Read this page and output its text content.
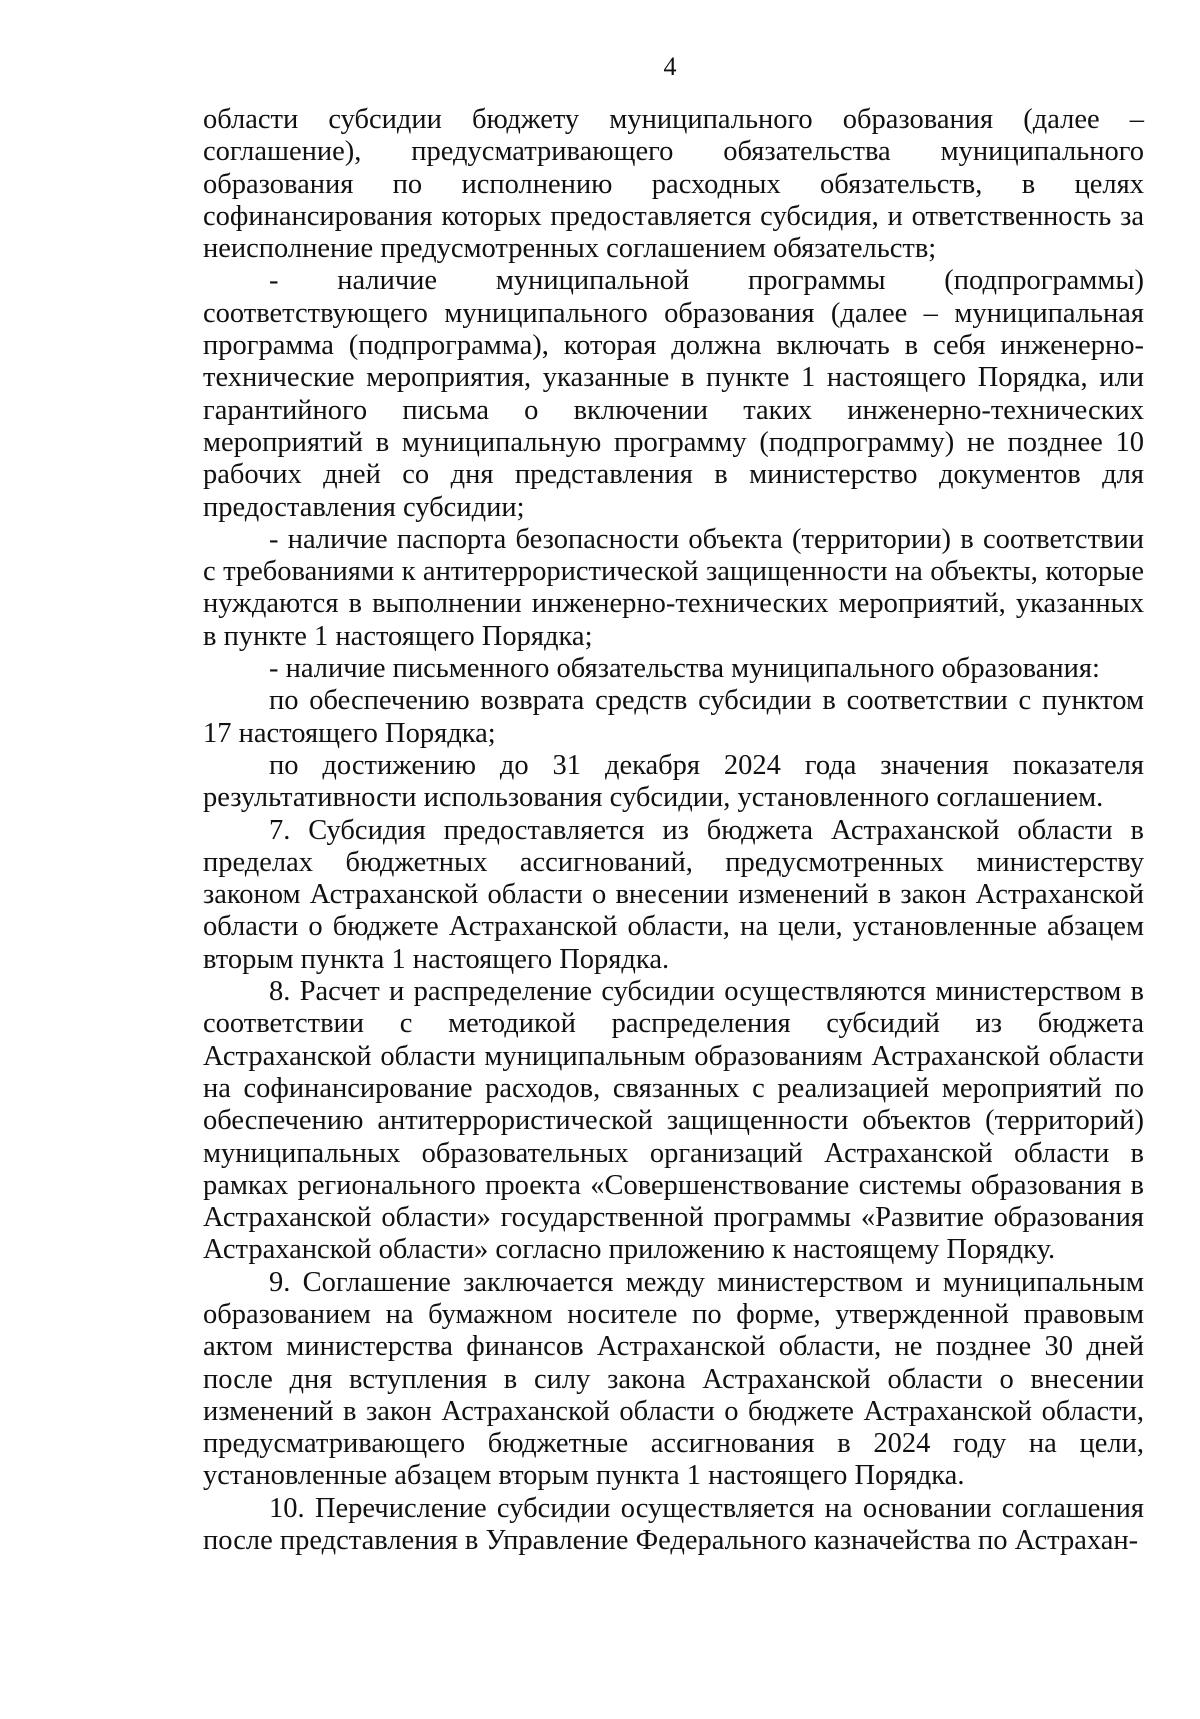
4

области субсидии бюджету муниципального образования (далее – соглашение), предусматривающего обязательства муниципального образования по исполнению расходных обязательств, в целях софинансирования которых предоставляется субсидия, и ответственность за неисполнение предусмотренных соглашением обязательств;

- наличие муниципальной программы (подпрограммы) соответствующего муниципального образования (далее – муниципальная программа (подпрограмма), которая должна включать в себя инженерно-технические мероприятия, указанные в пункте 1 настоящего Порядка, или гарантийного письма о включении таких инженерно-технических мероприятий в муниципальную программу (подпрограмму) не позднее 10 рабочих дней со дня представления в министерство документов для предоставления субсидии;

- наличие паспорта безопасности объекта (территории) в соответствии с требованиями к антитеррористической защищенности на объекты, которые нуждаются в выполнении инженерно-технических мероприятий, указанных в пункте 1 настоящего Порядка;

- наличие письменного обязательства муниципального образования:

по обеспечению возврата средств субсидии в соответствии с пунктом 17 настоящего Порядка;

по достижению до 31 декабря 2024 года значения показателя результативности использования субсидии, установленного соглашением.

7. Субсидия предоставляется из бюджета Астраханской области в пределах бюджетных ассигнований, предусмотренных министерству законом Астраханской области о внесении изменений в закон Астраханской области о бюджете Астраханской области, на цели, установленные абзацем вторым пункта 1 настоящего Порядка.

8. Расчет и распределение субсидии осуществляются министерством в соответствии с методикой распределения субсидий из бюджета Астраханской области муниципальным образованиям Астраханской области на софинансирование расходов, связанных с реализацией мероприятий по обеспечению антитеррористической защищенности объектов (территорий) муниципальных образовательных организаций Астраханской области в рамках регионального проекта «Совершенствование системы образования в Астраханской области» государственной программы «Развитие образования Астраханской области» согласно приложению к настоящему Порядку.

9. Соглашение заключается между министерством и муниципальным образованием на бумажном носителе по форме, утвержденной правовым актом министерства финансов Астраханской области, не позднее 30 дней после дня вступления в силу закона Астраханской области о внесении изменений в закон Астраханской области о бюджете Астраханской области, предусматривающего бюджетные ассигнования в 2024 году на цели, установленные абзацем вторым пункта 1 настоящего Порядка.

10. Перечисление субсидии осуществляется на основании соглашения после представления в Управление Федерального казначейства по Астрахан-
